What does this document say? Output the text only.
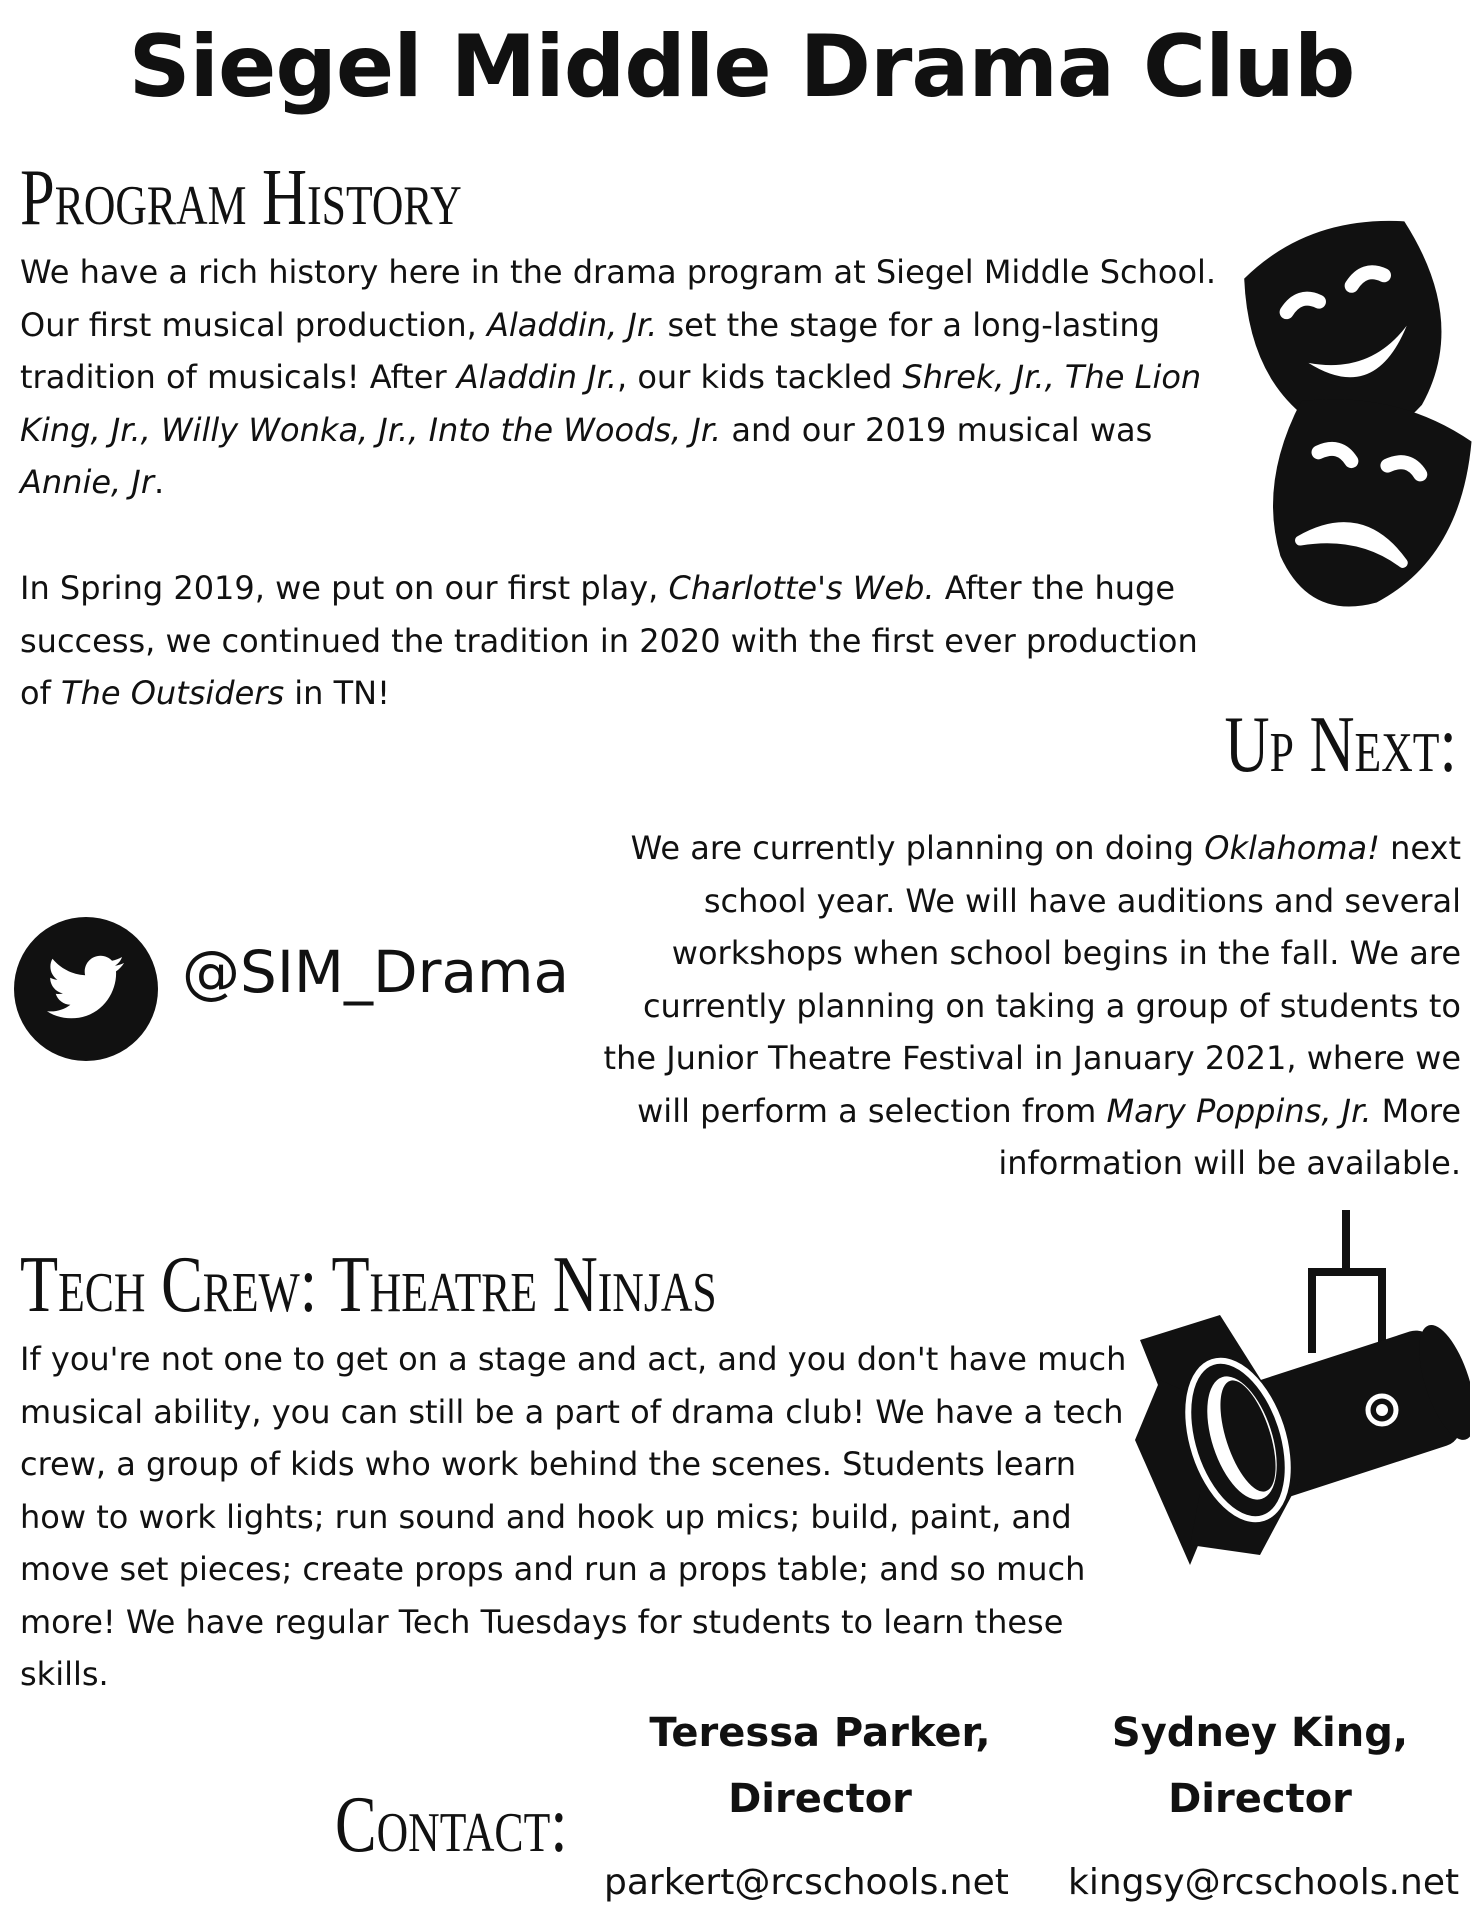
Siegel Middle Drama Club
Program History

We have a rich history here in the drama program at Siegel Middle School. Our first musical production, Aladdin, Jr. set the stage for a long-lasting tradition of musicals! After Aladdin Jr., our kids tackled Shrek, Jr., The Lion King, Jr., Willy Wonka, Jr., Into the Woods, Jr. and our 2019 musical was Annie, Jr.

In Spring 2019, we put on our first play, Charlotte's Web. After the huge success, we continued the tradition in 2020 with the first ever production of The Outsiders in TN!

Up Next:

We are currently planning on doing Oklahoma! next school year. We will have auditions and several workshops when school begins in the fall. We are currently planning on taking a group of students to the Junior Theatre Festival in January 2021, where we will perform a selection from Mary Poppins, Jr. More information will be available.

@SIM_Drama
Tech Crew: Theatre Ninjas
If you're not one to get on a stage and act, and you don't have much musical ability, you can still be a part of drama club! We have a tech crew, a group of kids who work behind the scenes. Students learn how to work lights; run sound and hook up mics; build, paint, and move set pieces; create props and run a props table; and so much more! We have regular Tech Tuesdays for students to learn these skills.
Contact:
Teressa Parker,
Director
parkert@rcschools.net
Sydney King,
Director
kingsy@rcschools.net
